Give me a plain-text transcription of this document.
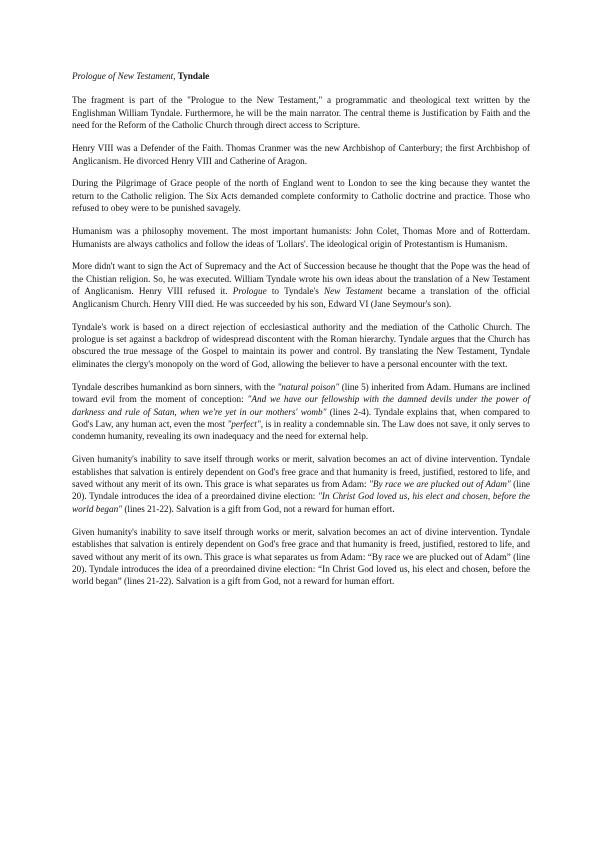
Prologue of New Testament, Tyndale

The fragment is part of the "Prologue to the New Testament," a programmatic and theological text written by the Englishman William Tyndale. Furthermore, he will be the main narrator. The central theme is Justification by Faith and the need for the Reform of the Catholic Church through direct access to Scripture.

Henry VIII was a Defender of the Faith. Thomas Cranmer was the new Archbishop of Canterbury; the first Archbishop of Anglicanism. He divorced Henry VIII and Catherine of Aragon.

During the Pilgrimage of Grace people of the north of England went to London to see the king because they wantet the return to the Catholic religion. The Six Acts demanded complete conformity to Catholic doctrine and practice. Those who refused to obey were to be punished savagely.

Humanism was a philosophy movement. The most important humanists: John Colet, Thomas More and of Rotterdam. Humanists are always catholics and follow the ideas of 'Lollars'. The ideological origin of Protestantism is Humanism.

More didn't want to sign the Act of Supremacy and the Act of Succession because he thought that the Pope was the head of the Chistian religion. So, he was executed. William Tyndale wrote his own ideas about the translation of a New Testament of Anglicanism. Henry VIII refused it. Prologue to Tyndale's New Testament became a translation of the official Anglicanism Church. Henry VIII died. He was succeeded by his son, Edward VI (Jane Seymour's son).

Tyndale's work is based on a direct rejection of ecclesiastical authority and the mediation of the Catholic Church. The prologue is set against a backdrop of widespread discontent with the Roman hierarchy. Tyndale argues that the Church has obscured the true message of the Gospel to maintain its power and control. By translating the New Testament, Tyndale eliminates the clergy's monopoly on the word of God, allowing the believer to have a personal encounter with the text.

Tyndale describes humankind as born sinners, with the "natural poison" (line 5) inherited from Adam. Humans are inclined toward evil from the moment of conception: "And we have our fellowship with the damned devils under the power of darkness and rule of Satan, when we're yet in our mothers' womb" (lines 2-4). Tyndale explains that, when compared to God's Law, any human act, even the most "perfect", is in reality a condemnable sin. The Law does not save, it only serves to condemn humanity, revealing its own inadequacy and the need for external help.

Given humanity's inability to save itself through works or merit, salvation becomes an act of divine intervention. Tyndale establishes that salvation is entirely dependent on God's free grace and that humanity is freed, justified, restored to life, and saved without any merit of its own. This grace is what separates us from Adam: "By race we are plucked out of Adam" (line 20). Tyndale introduces the idea of a preordained divine election: "In Christ God loved us, his elect and chosen, before the world began" (lines 21-22). Salvation is a gift from God, not a reward for human effort.

Given humanity's inability to save itself through works or merit, salvation becomes an act of divine intervention. Tyndale establishes that salvation is entirely dependent on God's free grace and that humanity is freed, justified, restored to life, and saved without any merit of its own. This grace is what separates us from Adam: “By race we are plucked out of Adam” (line 20). Tyndale introduces the idea of a preordained divine election: “In Christ God loved us, his elect and chosen, before the world began” (lines 21-22). Salvation is a gift from God, not a reward for human effort.
